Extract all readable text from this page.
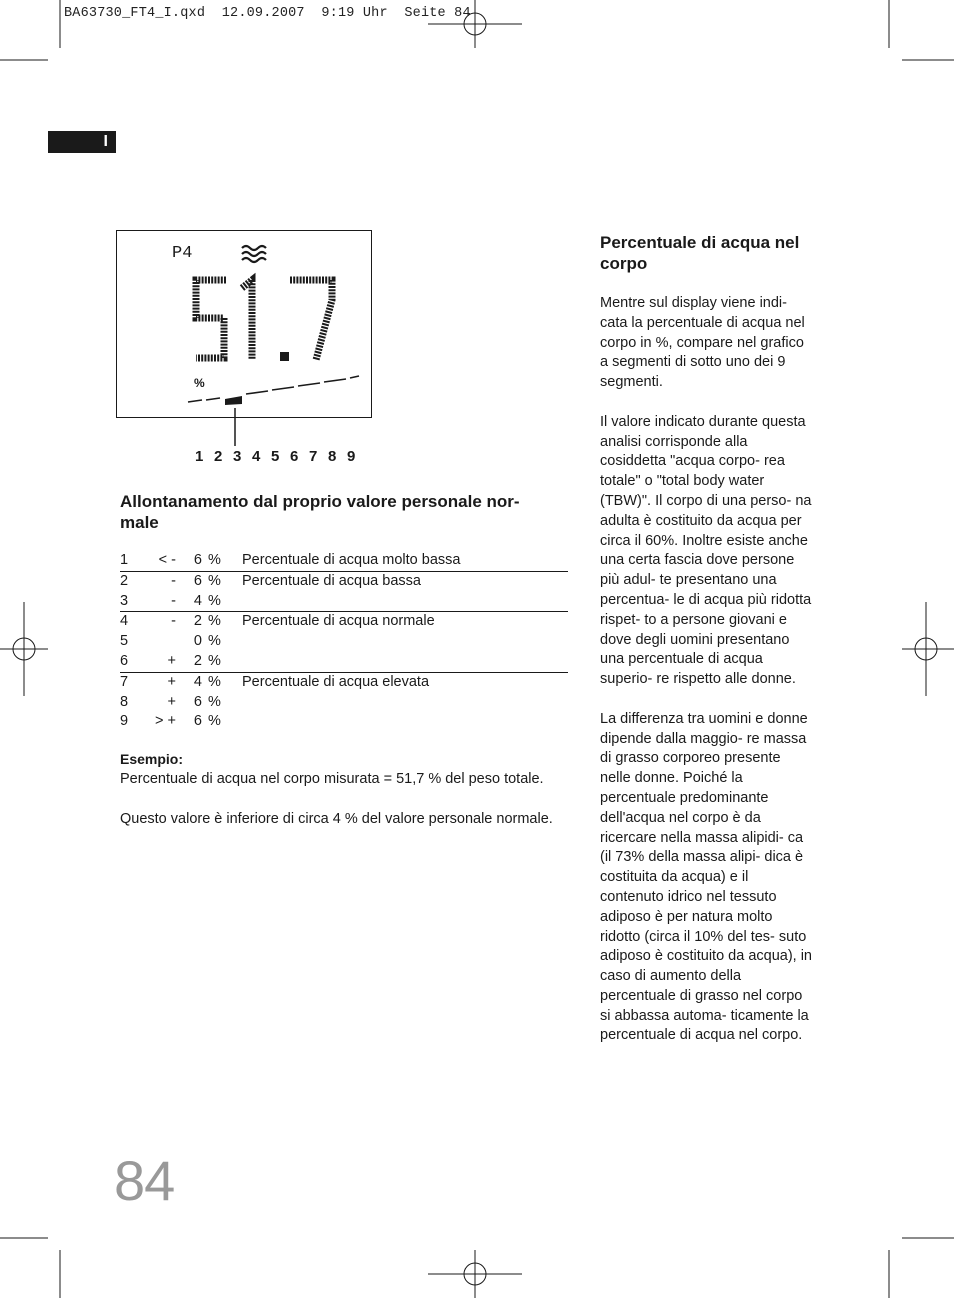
BA63730_FT4_I.qxd  12.09.2007  9:19 Uhr  Seite 84
I
P4
%
1 2 3 4 5 6 7 8 9
Allontanamento dal proprio valore personale nor- male
1	< -	6	%	Percentuale di acqua molto bassa
2	-	6	%	Percentuale di acqua bassa
3	-	4	%	
4	-	2	%	Percentuale di acqua normale
5		0	%	
6	+	2	%	
7	+	4	%	Percentuale di acqua elevata
8	+	6	%	
9	> +	6	%	

Esempio:

Percentuale di acqua nel corpo misurata = 51,7 % del peso totale.

Questo valore è inferiore di circa 4 % del valore personale normale.

Percentuale di acqua nel corpo

Mentre sul display viene indi- cata la percentuale di acqua nel corpo in %, compare nel grafico a segmenti di sotto uno dei 9 segmenti.

Il valore indicato durante questa analisi corrisponde alla cosiddetta "acqua corpo- rea totale" o "total body water (TBW)". Il corpo di una perso- na adulta è costituito da acqua per circa il 60%. Inoltre esiste anche una certa fascia dove persone più adul- te presentano una percentua- le di acqua più ridotta rispet- to a persone giovani e dove degli uomini presentano una percentuale di acqua superio- re rispetto alle donne.

La differenza tra uomini e donne dipende dalla maggio- re massa di grasso corporeo presente nelle donne. Poiché la percentuale predominante dell'acqua nel corpo è da ricercare nella massa alipidi- ca (il 73% della massa alipi- dica è costituita da acqua) e il contenuto idrico nel tessuto adiposo è per natura molto ridotto (circa il 10% del tes- suto adiposo è costituito da acqua), in caso di aumento della percentuale di grasso nel corpo si abbassa automa- ticamente la percentuale di acqua nel corpo.

84
